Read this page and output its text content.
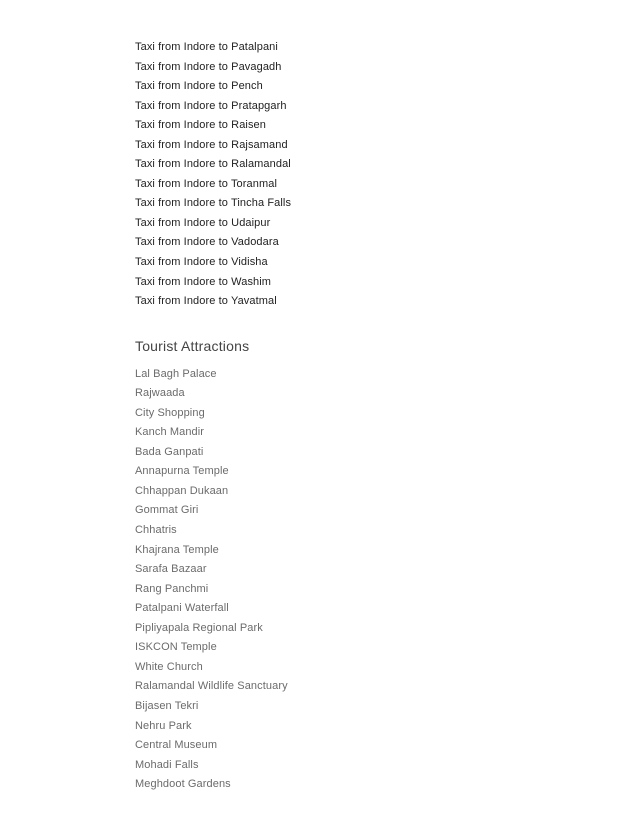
Taxi from Indore to Patalpani
Taxi from Indore to Pavagadh
Taxi from Indore to Pench
Taxi from Indore to Pratapgarh
Taxi from Indore to Raisen
Taxi from Indore to Rajsamand
Taxi from Indore to Ralamandal
Taxi from Indore to Toranmal
Taxi from Indore to Tincha Falls
Taxi from Indore to Udaipur
Taxi from Indore to Vadodara
Taxi from Indore to Vidisha
Taxi from Indore to Washim
Taxi from Indore to Yavatmal
Tourist Attractions
Lal Bagh Palace
Rajwaada
City Shopping
Kanch Mandir
Bada Ganpati
Annapurna Temple
Chhappan Dukaan
Gommat Giri
Chhatris
Khajrana Temple
Sarafa Bazaar
Rang Panchmi
Patalpani Waterfall
Pipliyapala Regional Park
ISKCON Temple
White Church
Ralamandal Wildlife Sanctuary
Bijasen Tekri
Nehru Park
Central Museum
Mohadi Falls
Meghdoot Gardens
